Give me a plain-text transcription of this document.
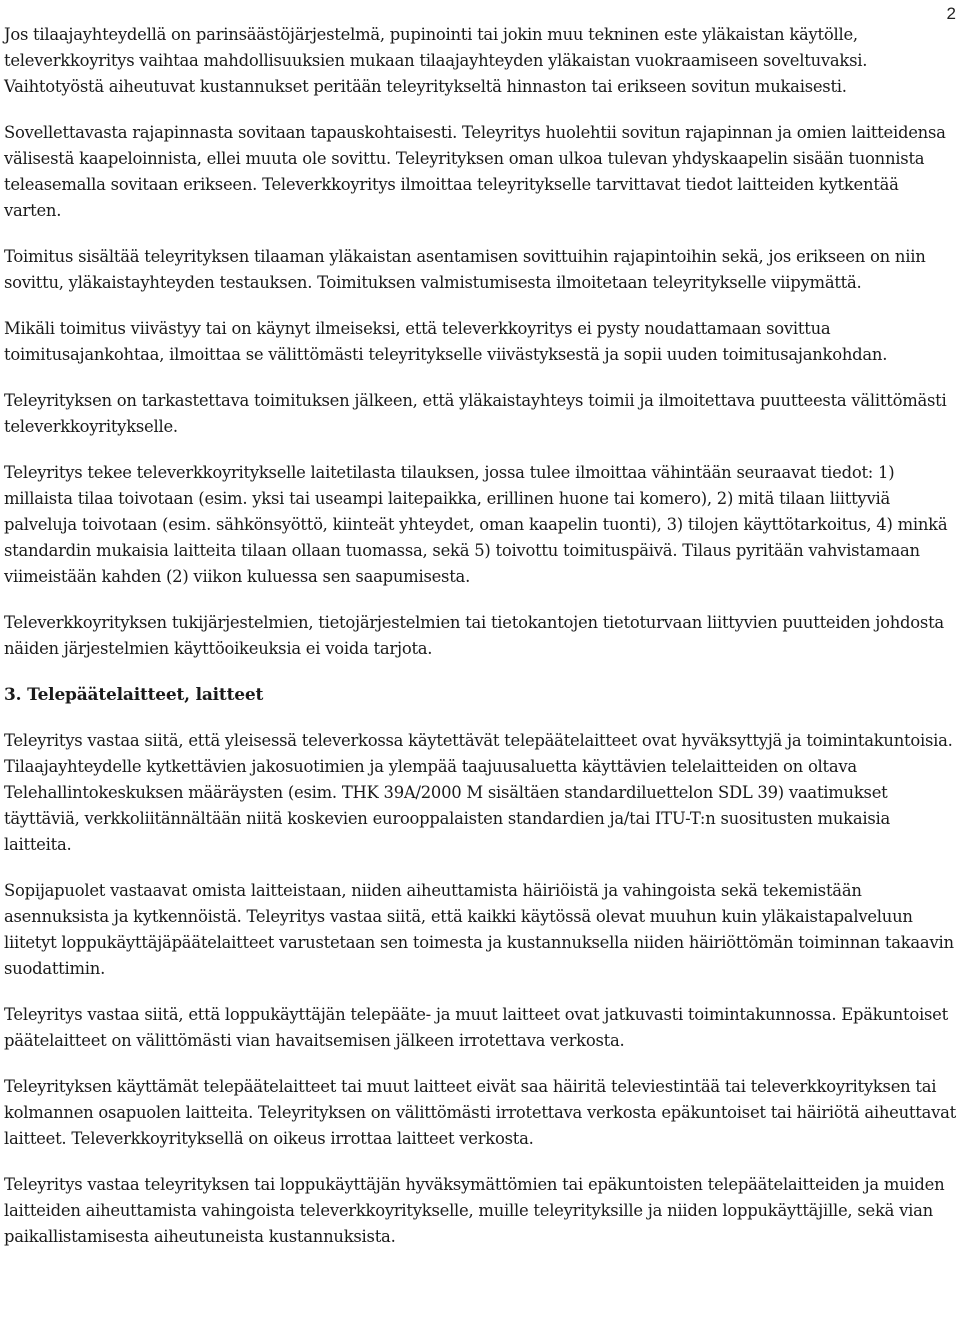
2

Jos tilaajayhteydellä on parinsäästöjärjestelmä, pupinointi tai jokin muu tekninen este yläkaistan käytölle, televerkkoyritys vaihtaa mahdollisuuksien mukaan tilaajayhteyden yläkaistan vuokraamiseen soveltuvaksi. Vaihtotyöstä aiheutuvat kustannukset peritään teleyritykseltä hinnaston tai erikseen sovitun mukaisesti.

Sovellettavasta rajapinnasta sovitaan tapauskohtaisesti. Teleyritys huolehtii sovitun rajapinnan ja omien laitteidensa välisestä kaapeloinnista, ellei muuta ole sovittu. Teleyrityksen oman ulkoa tulevan yhdyskaapelin sisään tuonnista teleasemalla sovitaan erikseen. Televerkkoyritys ilmoittaa teleyritykselle tarvittavat tiedot laitteiden kytkentää varten.

Toimitus sisältää teleyrityksen tilaaman yläkaistan asentamisen sovittuihin rajapintoihin sekä, jos erikseen on niin sovittu, yläkaistayhteyden testauksen. Toimituksen valmistumisesta ilmoitetaan teleyritykselle viipymättä.

Mikäli toimitus viivästyy tai on käynyt ilmeiseksi, että televerkkoyritys ei pysty noudattamaan sovittua toimitusajankohtaa, ilmoittaa se välittömästi teleyritykselle viivästyksestä ja sopii uuden toimitusajankohdan.

Teleyrityksen on tarkastettava toimituksen jälkeen, että yläkaistayhteys toimii ja ilmoitettava puutteesta välittömästi televerkkoyritykselle.

Teleyritys tekee televerkkoyritykselle laitetilasta tilauksen, jossa tulee ilmoittaa vähintään seuraavat tiedot: 1) millaista tilaa toivotaan (esim. yksi tai useampi laitepaikka, erillinen huone tai komero), 2) mitä tilaan liittyviä palveluja toivotaan (esim. sähkönsyöttö, kiinteät yhteydet, oman kaapelin tuonti), 3) tilojen käyttötarkoitus, 4) minkä standardin mukaisia laitteita tilaan ollaan tuomassa, sekä 5) toivottu toimituspäivä. Tilaus pyritään vahvistamaan viimeistään kahden (2) viikon kuluessa sen saapumisesta.

Televerkkoyrityksen tukijärjestelmien, tietojärjestelmien tai tietokantojen tietoturvaan liittyvien puutteiden johdosta näiden järjestelmien käyttöoikeuksia ei voida tarjota.

3. Telepäätelaitteet, laitteet

Teleyritys vastaa siitä, että yleisessä televerkossa käytettävät telepäätelaitteet ovat hyväksyttyjä ja toimintakuntoisia. Tilaajayhteydelle kytkettävien jakosuotimien ja ylempää taajuusaluetta käyttävien telelaitteiden on oltava Telehallintokeskuksen määräysten (esim. THK 39A/2000 M sisältäen standardiluettelon SDL 39) vaatimukset täyttäviä, verkkoliitännältään niitä koskevien eurooppalaisten standardien ja/tai ITU-T:n suositusten mukaisia laitteita.

Sopijapuolet vastaavat omista laitteistaan, niiden aiheuttamista häiriöistä ja vahingoista sekä tekemistään asennuksista ja kytkennöistä. Teleyritys vastaa siitä, että kaikki käytössä olevat muuhun kuin yläkaistapalveluun liitetyt loppukäyttäjäpäätelaitteet varustetaan sen toimesta ja kustannuksella niiden häiriöttömän toiminnan takaavin suodattimin.

Teleyritys vastaa siitä, että loppukäyttäjän telepääte- ja muut laitteet ovat jatkuvasti toimintakunnossa. Epäkuntoiset päätelaitteet on välittömästi vian havaitsemisen jälkeen irrotettava verkosta.

Teleyrityksen käyttämät telepäätelaitteet tai muut laitteet eivät saa häiritä televiestintää tai televerkkoyrityksen tai kolmannen osapuolen laitteita. Teleyrityksen on välittömästi irrotettava verkosta epäkuntoiset tai häiriötä aiheuttavat laitteet. Televerkkoyrityksellä on oikeus irrottaa laitteet verkosta.

Teleyritys vastaa teleyrityksen tai loppukäyttäjän hyväksymättömien tai epäkuntoisten telepäätelaitteiden ja muiden laitteiden aiheuttamista vahingoista televerkkoyritykselle, muille teleyrityksille ja niiden loppukäyttäjille, sekä vian paikallistamisesta aiheutuneista kustannuksista.
